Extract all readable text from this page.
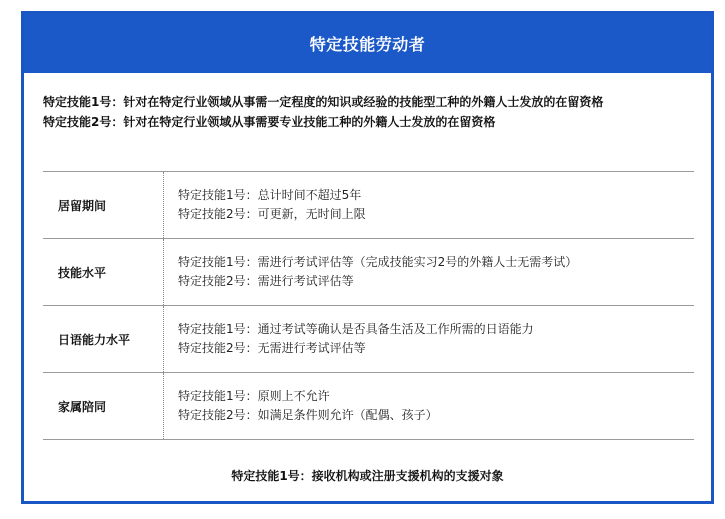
特定技能劳动者

特定技能1号：针对在特定行业领域从事需一定程度的知识或经验的技能型工种的外籍人士发放的在留资格

特定技能2号：针对在特定行业领域从事需要专业技能工种的外籍人士发放的在留资格

居留期间
特定技能1号：总计时间不超过5年
特定技能2号：可更新，无时间上限
技能水平
特定技能1号：需进行考试评估等（完成技能实习2号的外籍人士无需考试）
特定技能2号：需进行考试评估等
日语能力水平
特定技能1号：通过考试等确认是否具备生活及工作所需的日语能力
特定技能2号：无需进行考试评估等
家属陪同
特定技能1号：原则上不允许
特定技能2号：如满足条件则允许（配偶、孩子）
特定技能1号：接收机构或注册支援机构的支援对象
